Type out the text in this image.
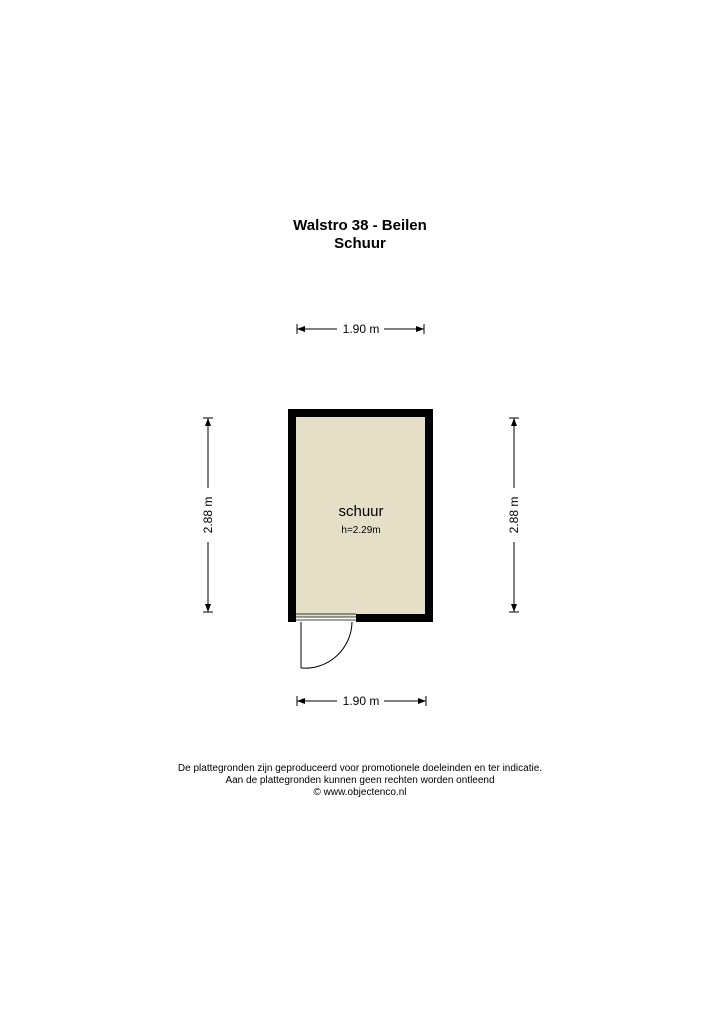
Walstro 38 - Beilen
Schuur
1.90 m
2.88 m	2.88 m
schuur
h=2.29m
1.90 m
De plattegronden zijn geproduceerd voor promotionele doeleinden en ter indicatie.
Aan de plattegronden kunnen geen rechten worden ontleend
© www.objectenco.nl
